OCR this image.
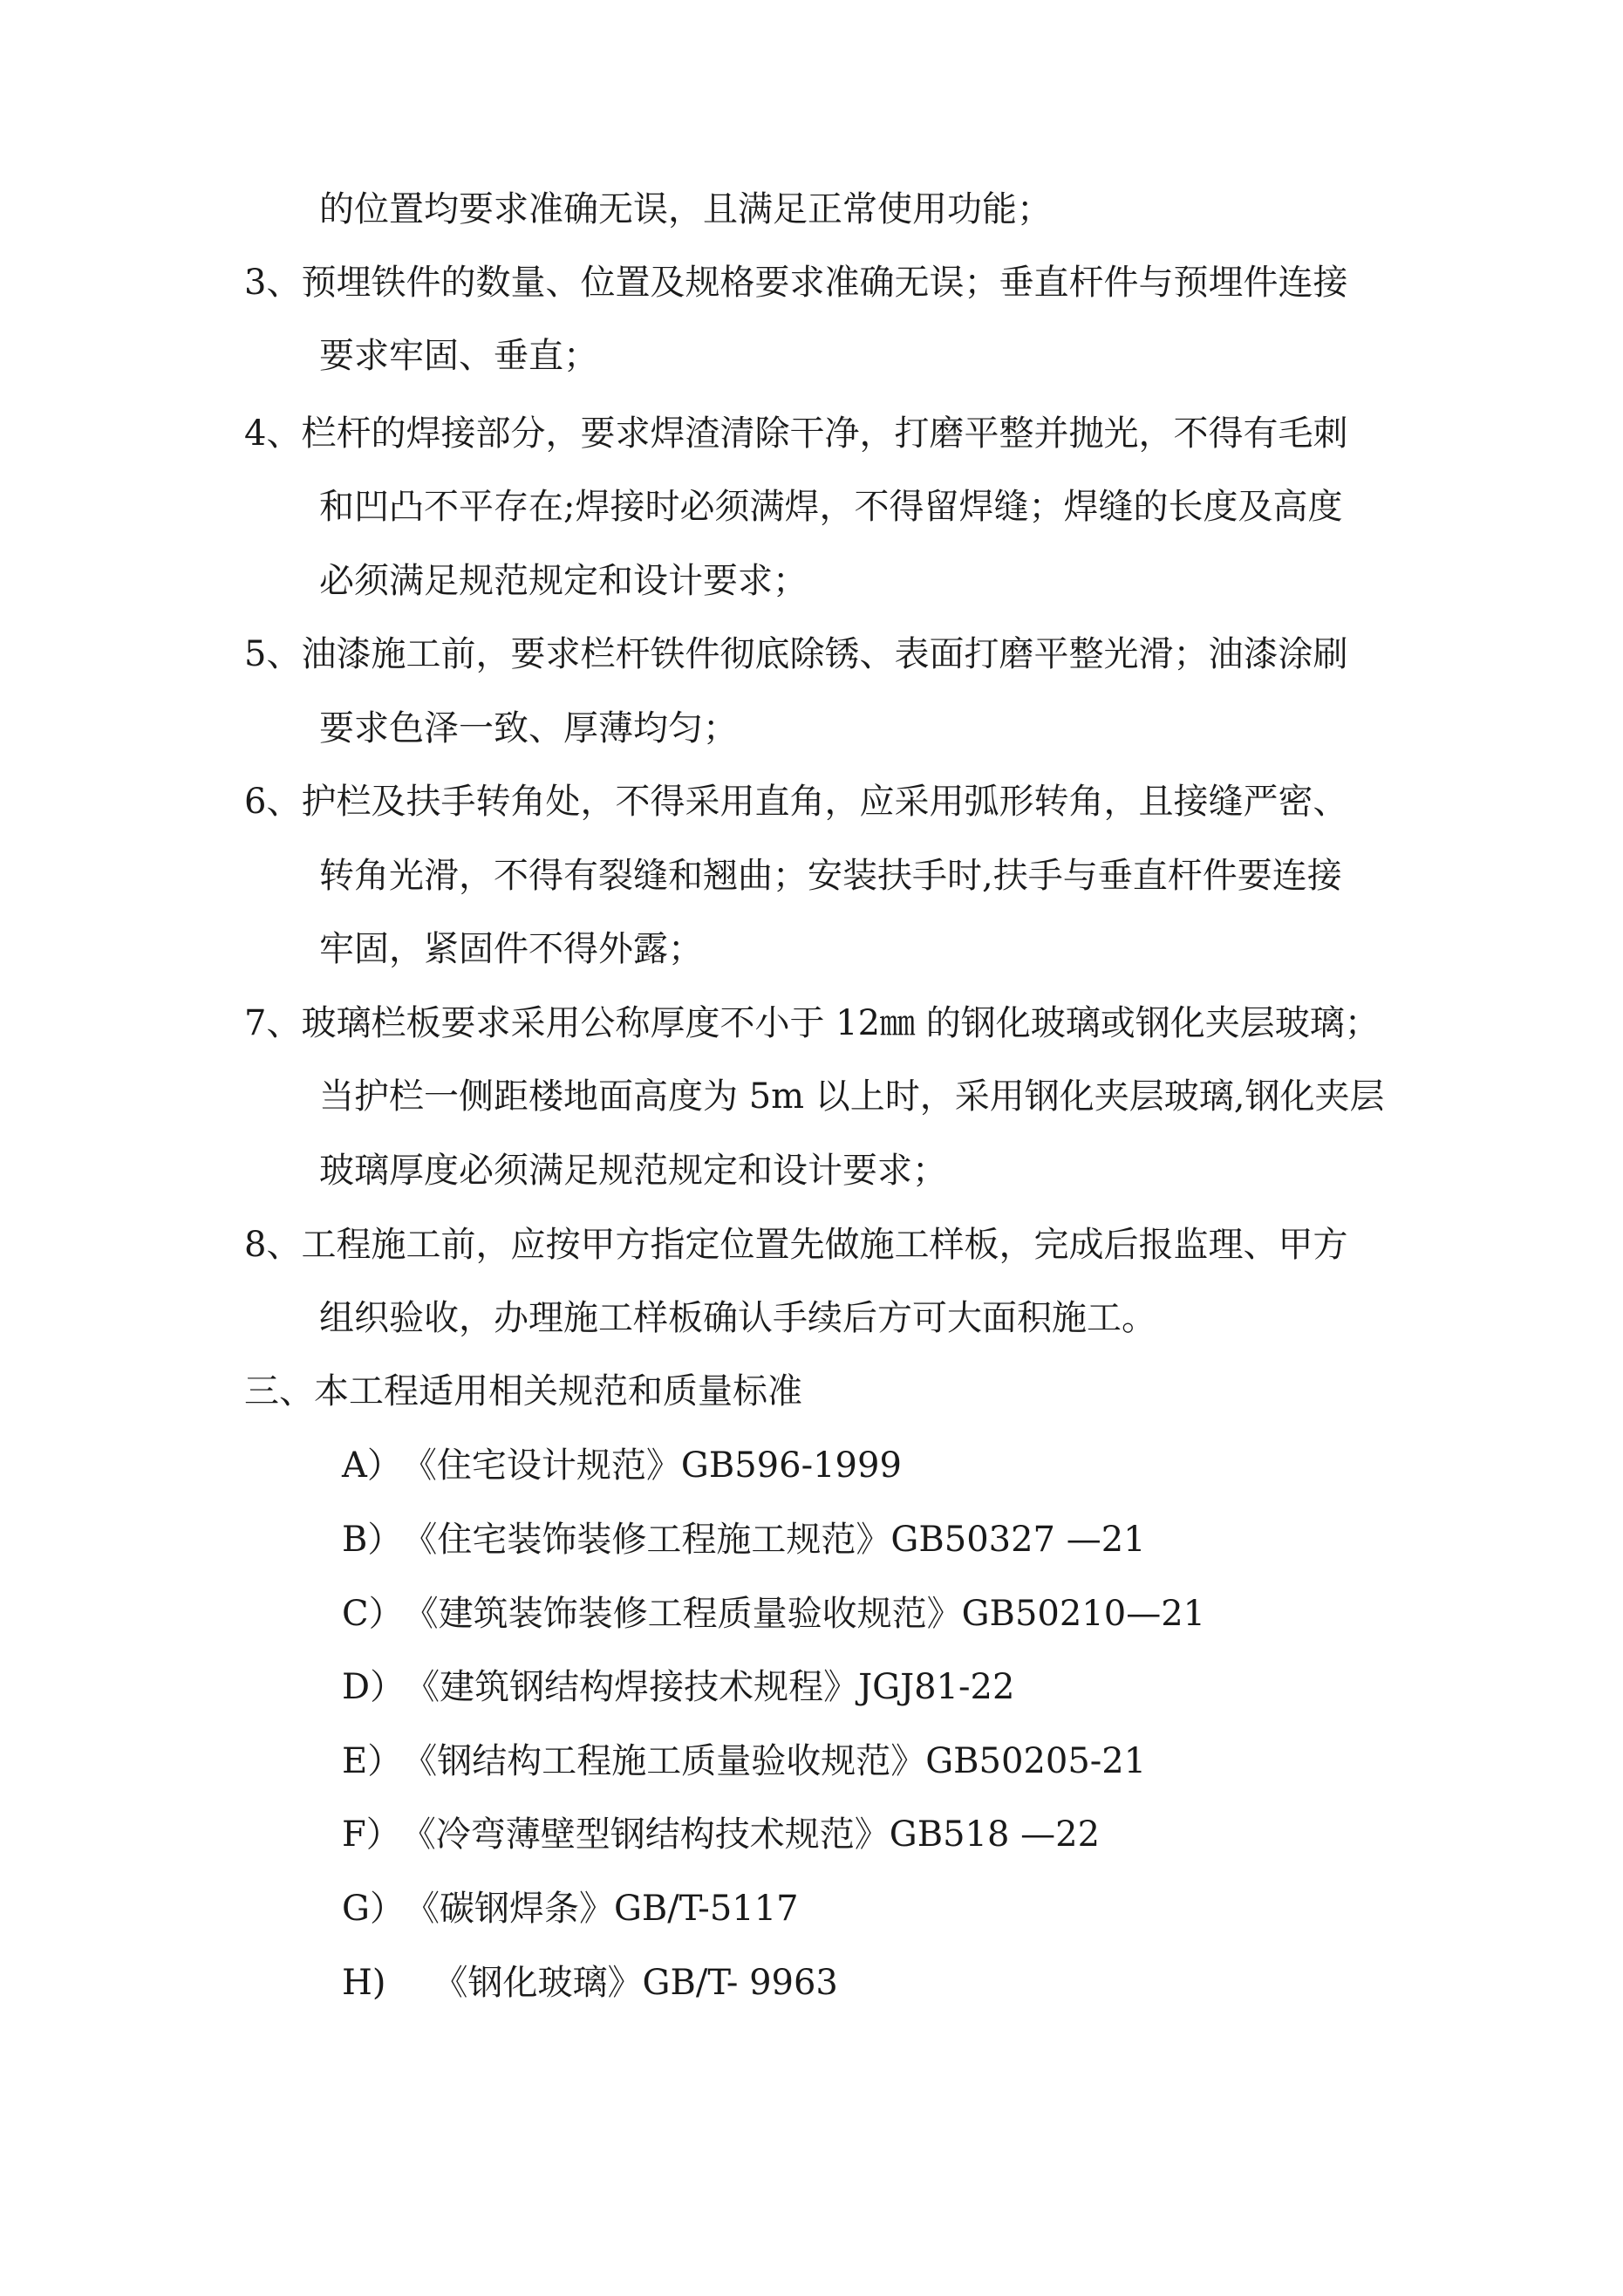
的位置均要求准确无误，且满足正常使用功能；
3、预埋铁件的数量、位置及规格要求准确无误；垂直杆件与预埋件连接
要求牢固、垂直；
4、栏杆的焊接部分，要求焊渣清除干净，打磨平整并抛光，不得有毛刺
和凹凸不平存在;焊接时必须满焊，不得留焊缝；焊缝的长度及高度
必须满足规范规定和设计要求；
5、油漆施工前，要求栏杆铁件彻底除锈、表面打磨平整光滑；油漆涂刷
要求色泽一致、厚薄均匀；
6、护栏及扶手转角处，不得采用直角，应采用弧形转角，且接缝严密、
转角光滑，不得有裂缝和翘曲；安装扶手时,扶手与垂直杆件要连接
牢固，紧固件不得外露；
7、玻璃栏板要求采用公称厚度不小于 12㎜ 的钢化玻璃或钢化夹层玻璃；
当护栏一侧距楼地面高度为 5m 以上时，采用钢化夹层玻璃,钢化夹层
玻璃厚度必须满足规范规定和设计要求；
8、工程施工前，应按甲方指定位置先做施工样板，完成后报监理、甲方
组织验收，办理施工样板确认手续后方可大面积施工。
三、本工程适用相关规范和质量标准
A）《住宅设计规范》GB596-1999
B）《住宅装饰装修工程施工规范》GB50327 —21
C）《建筑装饰装修工程质量验收规范》GB50210—21
D）《建筑钢结构焊接技术规程》JGJ81-22
E）《钢结构工程施工质量验收规范》GB50205-21
F）《冷弯薄壁型钢结构技术规范》GB518 —22
G）《碳钢焊条》GB/T-5117
H) 《钢化玻璃》GB/T- 9963
